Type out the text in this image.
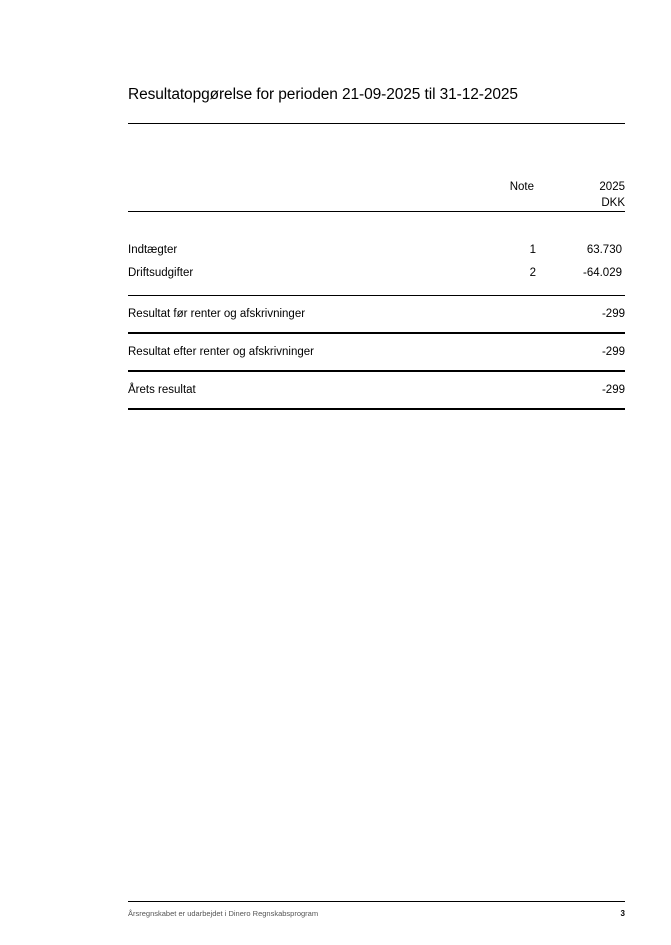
Resultatopgørelse for perioden 21-09-2025 til 31-12-2025
Note	2025
DKK
Indtægter	1	63.730
Driftsudgifter	2	-64.029
Resultat før renter og afskrivninger	-299
Resultat efter renter og afskrivninger	-299
Årets resultat	-299
Årsregnskabet er udarbejdet i Dinero Regnskabsprogram	3
